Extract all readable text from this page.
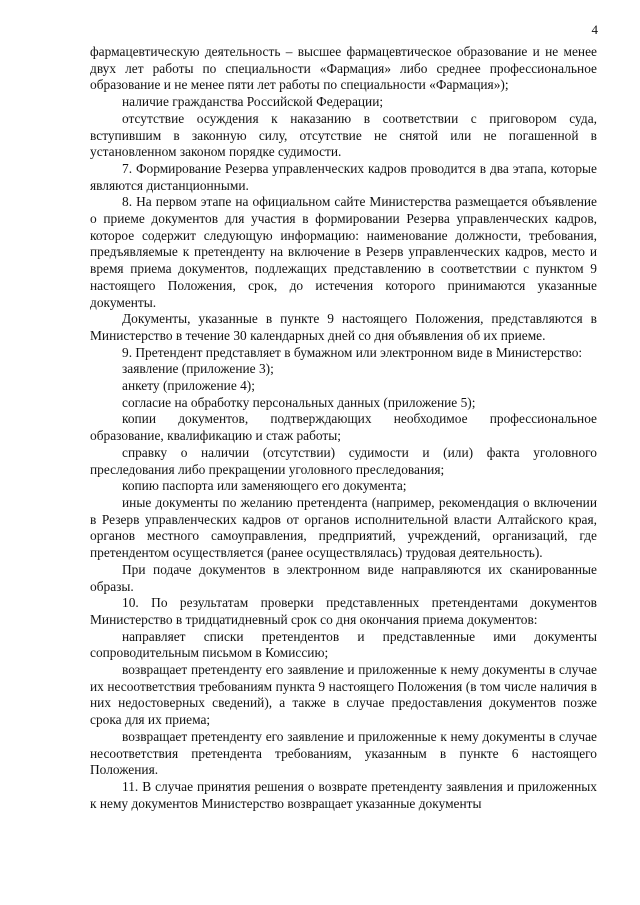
4

фармацевтическую деятельность – высшее фармацевтическое образование и не менее двух лет работы по специальности «Фармация» либо среднее профессиональное образование и не менее пяти лет работы по специальности «Фармация»);

наличие гражданства Российской Федерации;

отсутствие осуждения к наказанию в соответствии с приговором суда, вступившим в законную силу, отсутствие не снятой или не погашенной в установленном законом порядке судимости.

7. Формирование Резерва управленческих кадров проводится в два этапа, которые являются дистанционными.

8. На первом этапе на официальном сайте Министерства размещается объявление о приеме документов для участия в формировании Резерва управленческих кадров, которое содержит следующую информацию: наименование должности, требования, предъявляемые к претенденту на включение в Резерв управленческих кадров, место и время приема документов, подлежащих представлению в соответствии с пунктом 9 настоящего Положения, срок, до истечения которого принимаются указанные документы.

Документы, указанные в пункте 9 настоящего Положения, представляются в Министерство в течение 30 календарных дней со дня объявления об их приеме.

9. Претендент представляет в бумажном или электронном виде в Министерство:

заявление (приложение 3);

анкету (приложение 4);

согласие на обработку персональных данных (приложение 5);

копии документов, подтверждающих необходимое профессиональное образование, квалификацию и стаж работы;

справку о наличии (отсутствии) судимости и (или) факта уголовного преследования либо прекращении уголовного преследования;

копию паспорта или заменяющего его документа;

иные документы по желанию претендента (например, рекомендация о включении в Резерв управленческих кадров от органов исполнительной власти Алтайского края, органов местного самоуправления, предприятий, учреждений, организаций, где претендентом осуществляется (ранее осуществлялась) трудовая деятельность).

При подаче документов в электронном виде направляются их сканированные образы.

10. По результатам проверки представленных претендентами документов Министерство в тридцатидневный срок со дня окончания приема документов:

направляет списки претендентов и представленные ими документы сопроводительным письмом в Комиссию;

возвращает претенденту его заявление и приложенные к нему документы в случае их несоответствия требованиям пункта 9 настоящего Положения (в том числе наличия в них недостоверных сведений), а также в случае предоставления документов позже срока для их приема;

возвращает претенденту его заявление и приложенные к нему документы в случае несоответствия претендента требованиям, указанным в пункте 6 настоящего Положения.

11. В случае принятия решения о возврате претенденту заявления и приложенных к нему документов Министерство возвращает указанные документы
